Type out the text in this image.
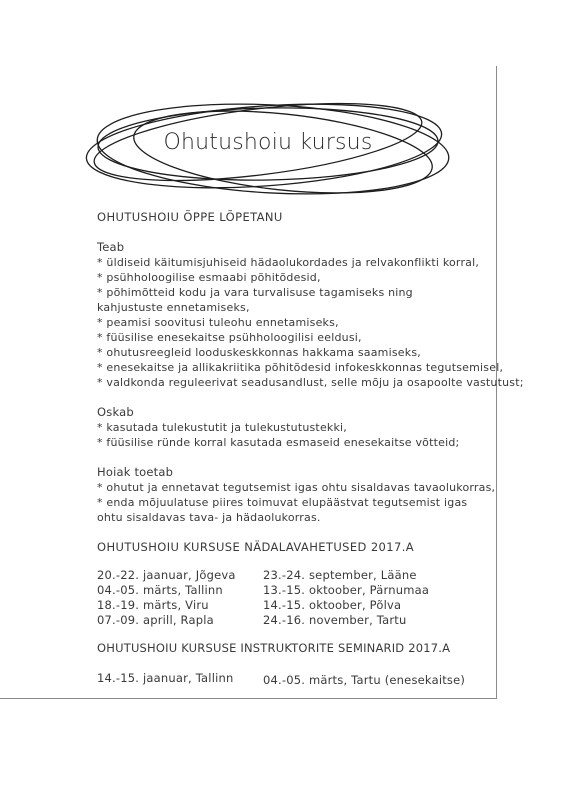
Ohutushoiu kursus
OHUTUSHOIU ÕPPE LÕPETANU
Teab
* üldiseid käitumisjuhiseid hädaolukordades ja relvakonflikti korral,
* psühholoogilise esmaabi põhitõdesid,
* põhimõtteid kodu ja vara turvalisuse tagamiseks ning
kahjustuste ennetamiseks,
* peamisi soovitusi tuleohu ennetamiseks,
* füüsilise enesekaitse psühholoogilisi eeldusi,
* ohutusreegleid looduskeskkonnas hakkama saamiseks,
* enesekaitse ja allikakriitika põhitõdesid infokeskkonnas tegutsemisel,
* valdkonda reguleerivat seadusandlust, selle mõju ja osapoolte vastutust;
Oskab
* kasutada tulekustutit ja tulekustutustekki,
* füüsilise ründe korral kasutada esmaseid enesekaitse võtteid;
Hoiak toetab
* ohutut ja ennetavat tegutsemist igas ohtu sisaldavas tavaolukorras,
* enda mõjuulatuse piires toimuvat elupäästvat tegutsemist igas
ohtu sisaldavas tava- ja hädaolukorras.
OHUTUSHOIU KURSUSE NÄDALAVAHETUSED 2017.A
20.-22. jaanuar, Jõgeva
04.-05. märts, Tallinn
18.-19. märts, Viru
07.-09. aprill, Rapla
23.-24. september, Lääne
13.-15. oktoober, Pärnumaa
14.-15. oktoober, Põlva
24.-16. november, Tartu
OHUTUSHOIU KURSUSE INSTRUKTORITE SEMINARID 2017.A
14.-15. jaanuar, Tallinn	04.-05. märts, Tartu (enesekaitse)
